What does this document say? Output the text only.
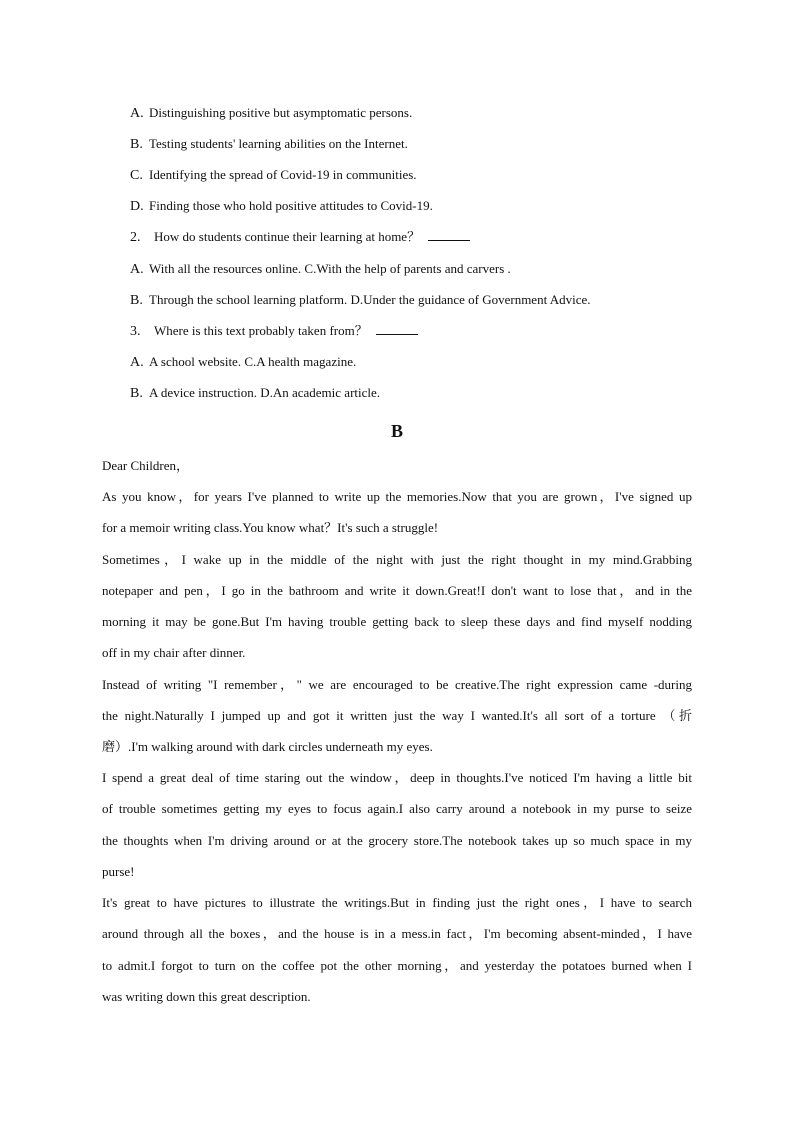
A. Distinguishing positive but asymptomatic persons.
B. Testing students' learning abilities on the Internet.
C. Identifying the spread of Covid-19 in communities.
D. Finding those who hold positive attitudes to Covid-19.
2. How do students continue their learning at home？
A. With all the resources online. C.With the help of parents and carvers .
B. Through the school learning platform. D.Under the guidance of Government Advice.
3. Where is this text probably taken from？
A. A school website. C.A health magazine.
B. A device instruction. D.An academic article.
B
Dear Children，
As you know，for years I've planned to write up the memories.Now that you are grown，I've signed up
for a memoir writing class.You know what？It's such a struggle!
Sometimes，I wake up in the middle of the night with just the right thought in my mind.Grabbing
notepaper and pen，I go in the bathroom and write it down.Great!I don't want to lose that，and in the
morning it may be gone.But I'm having trouble getting back to sleep these days and find myself nodding
off in my chair after dinner.
Instead of writing "I remember，" we are encouraged to be creative.The right expression came -during
the night.Naturally I jumped up and got it written just the way I wanted.It's all sort of a torture （折
磨）.I'm walking around with dark circles underneath my eyes.
I spend a great deal of time staring out the window，deep in thoughts.I've noticed I'm having a little bit
of trouble sometimes getting my eyes to focus again.I also carry around a notebook in my purse to seize
the thoughts when I'm driving around or at the grocery store.The notebook takes up so much space in my
purse!
It's great to have pictures to illustrate the writings.But in finding just the right ones，I have to search
around through all the boxes，and the house is in a mess.in fact，I'm becoming absent-minded，I have
to admit.I forgot to turn on the coffee pot the other morning，and yesterday the potatoes burned when I
was writing down this great description.
